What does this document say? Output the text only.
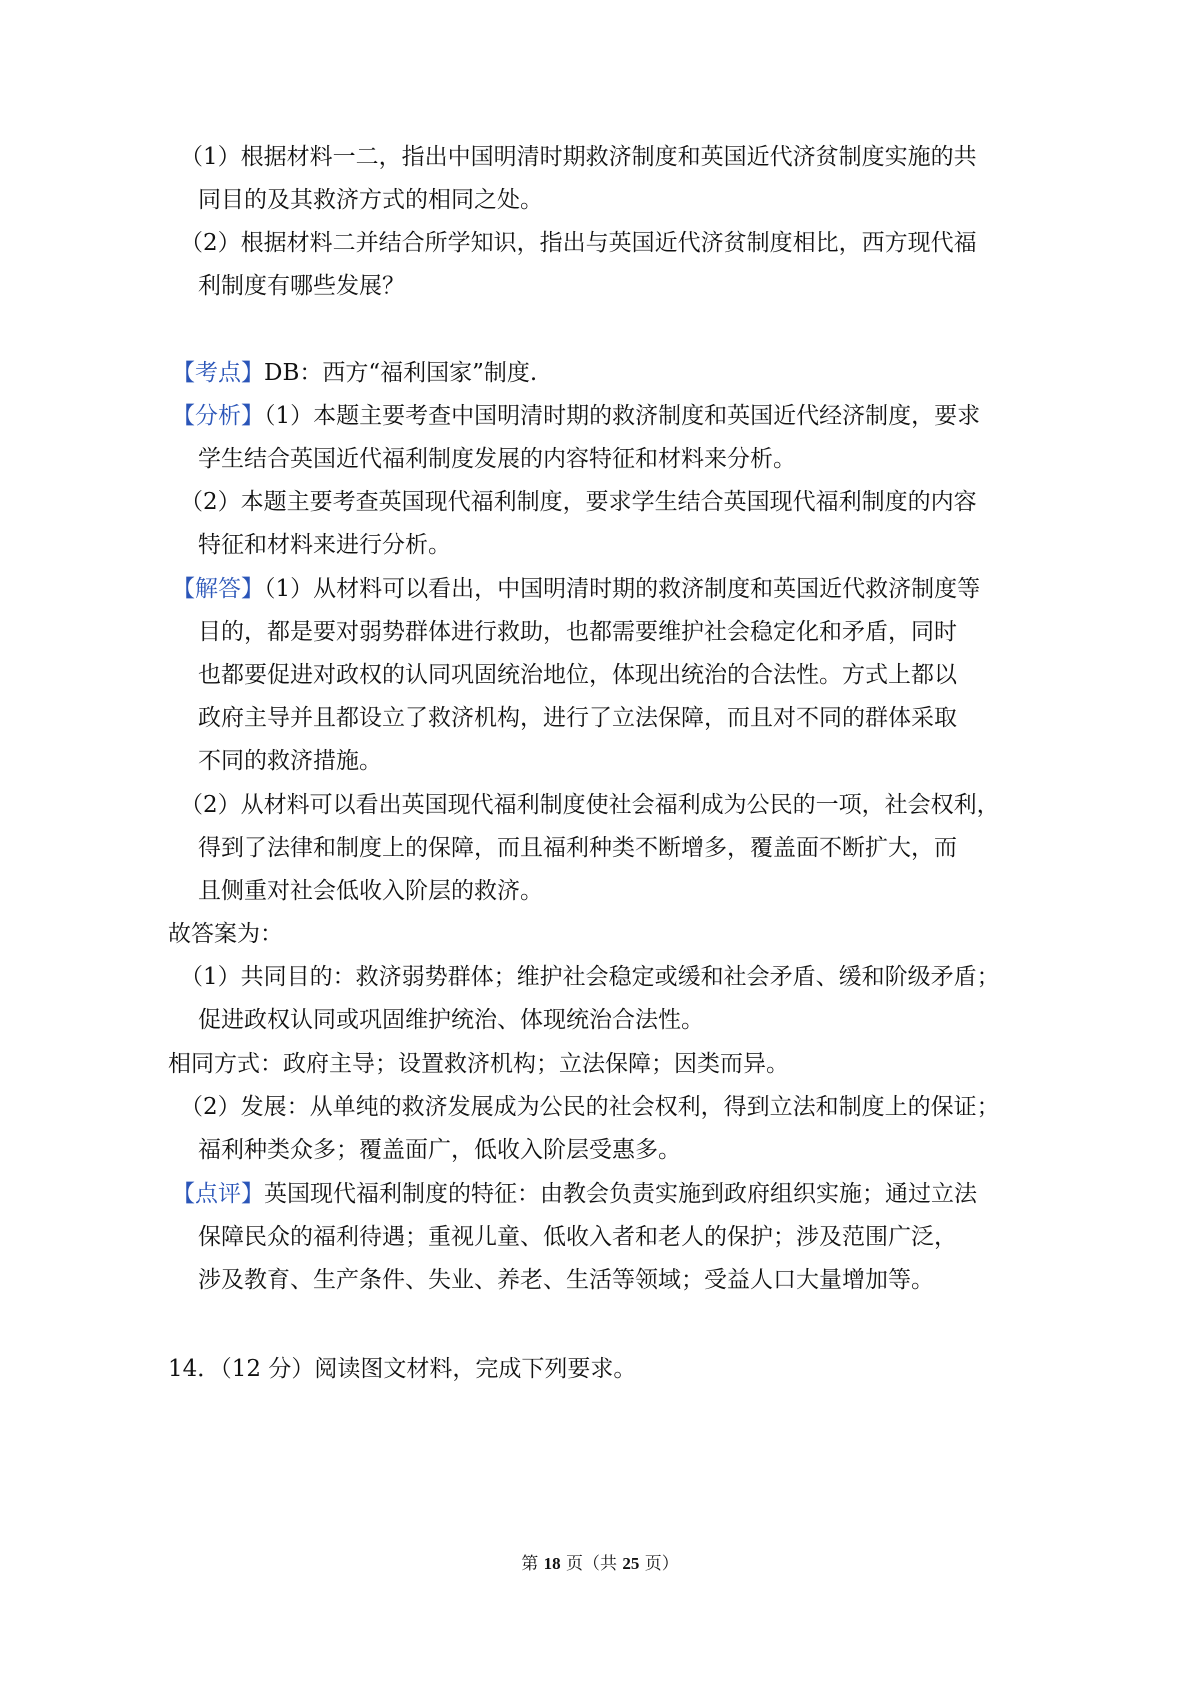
（1）根据材料一二，指出中国明清时期救济制度和英国近代济贫制度实施的共
同目的及其救济方式的相同之处。
（2）根据材料二并结合所学知识，指出与英国近代济贫制度相比，西方现代福
利制度有哪些发展？
【考点】DB：西方“福利国家”制度.
【分析】（1）本题主要考查中国明清时期的救济制度和英国近代经济制度，要求
学生结合英国近代福利制度发展的内容特征和材料来分析。
（2）本题主要考查英国现代福利制度，要求学生结合英国现代福利制度的内容
特征和材料来进行分析。
【解答】（1）从材料可以看出，中国明清时期的救济制度和英国近代救济制度等
目的，都是要对弱势群体进行救助，也都需要维护社会稳定化和矛盾，同时
也都要促进对政权的认同巩固统治地位，体现出统治的合法性。方式上都以
政府主导并且都设立了救济机构，进行了立法保障，而且对不同的群体采取
不同的救济措施。
（2）从材料可以看出英国现代福利制度使社会福利成为公民的一项，社会权利，
得到了法律和制度上的保障，而且福利种类不断增多，覆盖面不断扩大，而
且侧重对社会低收入阶层的救济。
故答案为：
（1）共同目的：救济弱势群体；维护社会稳定或缓和社会矛盾、缓和阶级矛盾；
促进政权认同或巩固维护统治、体现统治合法性。
相同方式：政府主导；设置救济机构；立法保障；因类而异。
（2）发展：从单纯的救济发展成为公民的社会权利，得到立法和制度上的保证；
福利种类众多；覆盖面广，低收入阶层受惠多。
【点评】英国现代福利制度的特征：由教会负责实施到政府组织实施；通过立法
保障民众的福利待遇；重视儿童、低收入者和老人的保护；涉及范围广泛，
涉及教育、生产条件、失业、养老、生活等领域；受益人口大量增加等。
14．（12 分）阅读图文材料，完成下列要求。
第 18 页（共 25 页）
